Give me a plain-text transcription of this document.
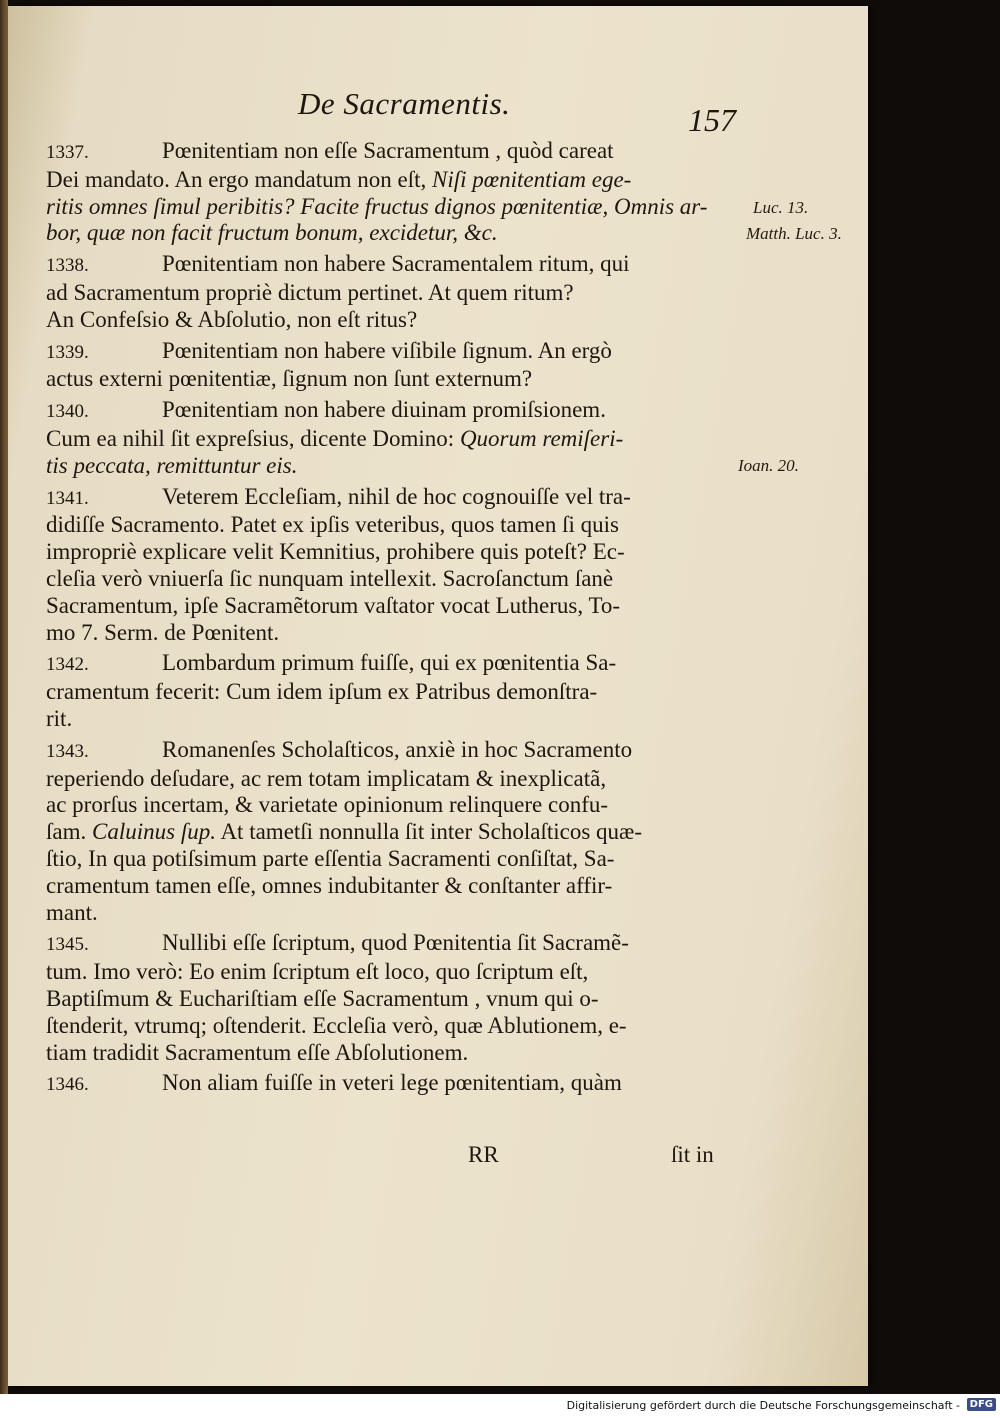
De Sacramentis.	157
1337.	Pœnitentiam non eſſe Sacramentum , quòd careat
Dei mandato. An ergo mandatum non eſt, Niſi pœnitentiam ege-
ritis omnes ſimul peribitis? Facite fructus dignos pœnitentiæ, Omnis ar-
bor, quæ non facit fructum bonum, excidetur, &c.
1338.	Pœnitentiam non habere Sacramentalem ritum, qui
ad Sacramentum propriè dictum pertinet. At quem ritum?
An Confeſsio & Abſolutio, non eſt ritus?
1339.	Pœnitentiam non habere viſibile ſignum. An ergò
actus externi pœnitentiæ, ſignum non ſunt externum?
1340.	Pœnitentiam non habere diuinam promiſsionem.
Cum ea nihil ſit expreſsius, dicente Domino: Quorum remiſeri-
tis peccata, remittuntur eis.
1341.	Veterem Eccleſiam, nihil de hoc cognouiſſe vel tra-
didiſſe Sacramento. Patet ex ipſis veteribus, quos tamen ſi quis
impropriè explicare velit Kemnitius, prohibere quis poteſt? Ec-
cleſia verò vniuerſa ſic nunquam intellexit. Sacroſanctum ſanè
Sacramentum, ipſe Sacramẽtorum vaſtator vocat Lutherus, To-
mo 7. Serm. de Pœnitent.
1342.	Lombardum primum fuiſſe, qui ex pœnitentia Sa-
cramentum fecerit: Cum idem ipſum ex Patribus demonſtra-
rit.
1343.	Romanenſes Scholaſticos, anxiè in hoc Sacramento
reperiendo deſudare, ac rem totam implicatam & inexplicatã,
ac prorſus incertam, & varietate opinionum relinquere confu-
ſam. Caluinus ſup. At tametſi nonnulla ſit inter Scholaſticos quæ-
ſtio, In qua potiſsimum parte eſſentia Sacramenti conſiſtat, Sa-
cramentum tamen eſſe, omnes indubitanter & conſtanter affir-
mant.
1345.	Nullibi eſſe ſcriptum, quod Pœnitentia ſit Sacramẽ-
tum. Imo verò: Eo enim ſcriptum eſt loco, quo ſcriptum eſt,
Baptiſmum & Euchariſtiam eſſe Sacramentum , vnum qui o-
ſtenderit, vtrumq; oſtenderit. Eccleſia verò, quæ Ablutionem, e-
tiam tradidit Sacramentum eſſe Abſolutionem.
1346.	Non aliam fuiſſe in veteri lege pœnitentiam, quàm
Luc. 13.
Matth. Luc. 3.
Ioan. 20.
RR	ſit in
Digitalisierung gefördert durch die Deutsche Forschungsgemeinschaft - DFG
